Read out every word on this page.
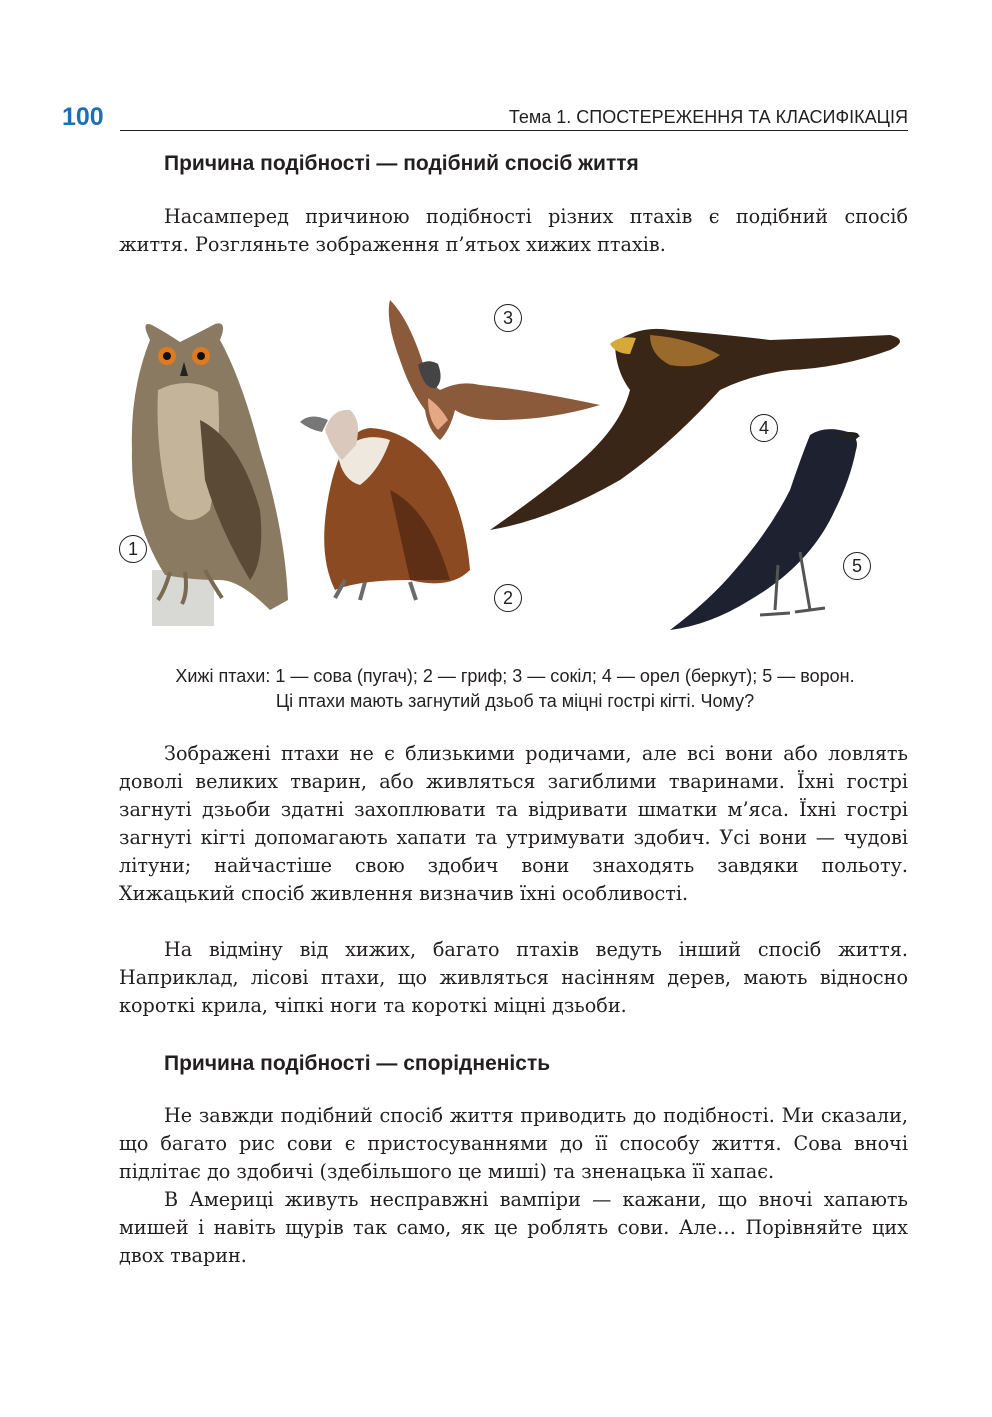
100	Тема 1. СПОСТЕРЕЖЕННЯ ТА КЛАСИФІКАЦІЯ
Причина подібності — подібний спосіб життя

Насамперед причиною подібності різних птахів є подібний спосіб життя. Розгляньте зображення п’ятьох хижих птахів.

1
2
3
4
5

Хижі птахи: 1 — сова (пугач); 2 — гриф; 3 — сокіл; 4 — орел (беркут); 5 — ворон.
Ці птахи мають загнутий дзьоб та міцні гострі кігті. Чому?

Зображені птахи не є близькими родичами, але всі вони або ловлять доволі великих тварин, або живляться загиблими тваринами. Їхні гострі загнуті дзьоби здатні захоплювати та відривати шматки м’яса. Їхні гострі загнуті кігті допомагають хапати та утримувати здобич. Усі вони — чудові літуни; найчастіше свою здобич вони знаходять завдяки польоту. Хижацький спосіб живлення визначив їхні особливості.

На відміну від хижих, багато птахів ведуть інший спосіб життя. Наприклад, лісові птахи, що живляться насінням дерев, мають відносно короткі крила, чіпкі ноги та короткі міцні дзьоби.

Причина подібності — спорідненість

Не завжди подібний спосіб життя приводить до подібності. Ми сказали, що багато рис сови є пристосуваннями до її способу життя. Сова вночі підлітає до здобичі (здебільшого це миші) та зненацька її хапає.

В Америці живуть несправжні вампіри — кажани, що вночі хапають мишей і навіть щурів так само, як це роблять сови. Але… Порівняйте цих двох тварин.
